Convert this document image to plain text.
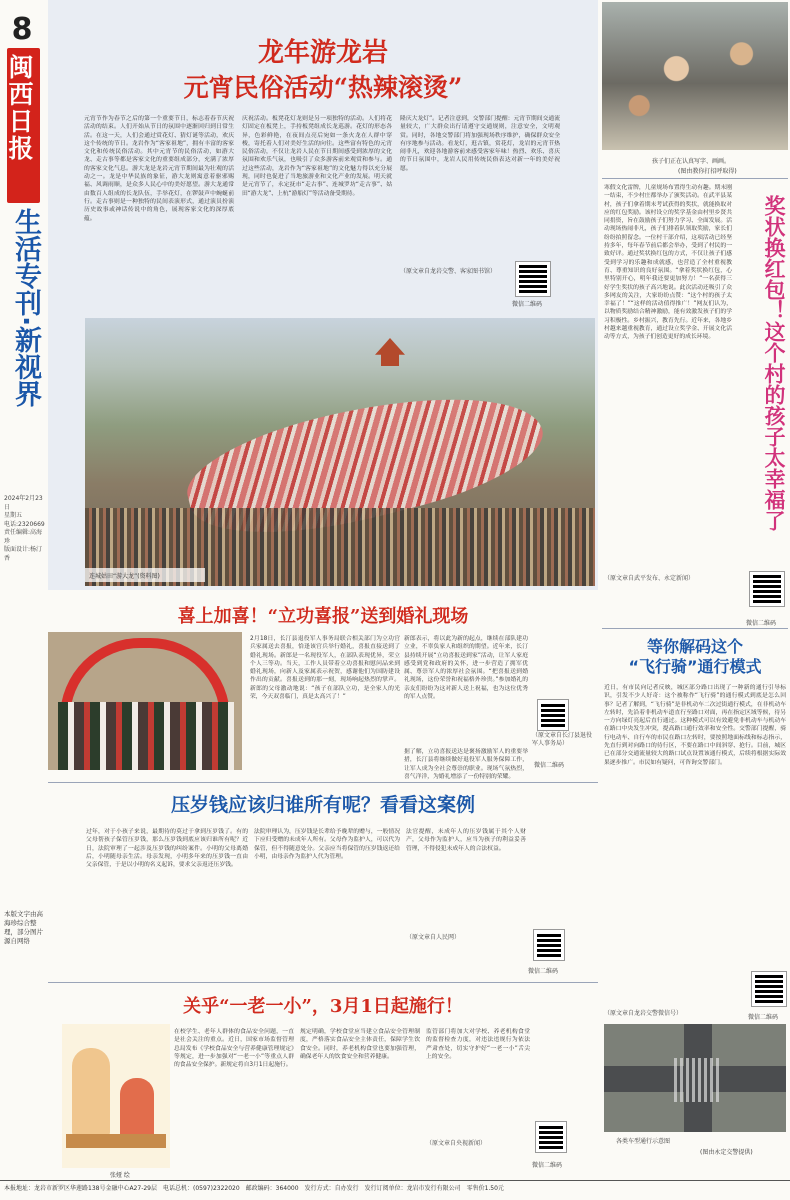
8
闽西日报
生活专刊·新视界
2024年2月23日
星期五
电话:2320669
责任编辑:高海珍
版面设计:杨汀香
本版文字由高海珍综合整理，部分图片源自网络
龙年游龙岩
元宵民俗活动“热辣滚烫”
元宵节作为春节之后的第一个重要节日，标志着春节庆祝活动的结束。人们开始从节日的氛围中逐渐回归到日常生活。在这一天，人们会通过赏花灯、猜灯谜等活动，欢庆这个传统的节日。龙岩作为“客家祖地”，拥有丰富的客家文化和传统民俗活动。其中元宵节的民俗活动，如游大龙、走古事等都是客家文化的重要组成部分，充满了浓厚的客家文化气息。游大龙是龙岩元宵节期间最为壮观的活动之一。龙是中华民族的象征，游大龙则寓意着驱邪赐福、风调雨顺，是众多人民心中的美好愿望。游大龙通常由数百人组成的长龙队伍，手举花灯，在锣鼓声中蜿蜒前行。走古事则是一种独特的民间表演形式，通过演员扮演历史故事或神话传说中的角色，展现客家文化的深厚底蕴。
庆祝活动。板凳花灯龙则是另一项独特的活动。人们将花灯固定在板凳上，手持板凳组成长龙巡游。花灯的形态各异，色彩鲜艳，在夜间点亮后宛如一条火龙在人群中穿梭，寄托着人们对美好生活的向往。这些富有特色的元宵民俗活动，不仅让龙岩人民在节日期间感受到浓厚的文化氛围和欢乐气氛，也吸引了众多游客前来观赏和参与。通过这些活动，龙岩作为“客家祖地”的文化魅力得以充分展现，同时也促进了当地旅游业和文化产业的发展。明天就是元宵节了，永定抚市“走古事”、连城罗坊“走古事”、姑田“游大龙”、上杭“游船灯”等活动备受期待。
隆庆大龙灯”。记者注意到，交警部门提醒：元宵节期间交通流量较大，广大群众出行请遵守交通规则，注意安全，文明观赏。同时，各地交警部门将加强现场秩序维护，确保群众安全有序地参与活动。看龙灯，逛古镇，赏花灯，龙岩的元宵节热闹非凡，欢迎各地游客前来感受客家年味！热烈、欢乐、喜庆的节日氛围中，龙岩人民用传统民俗表达对新一年的美好祝愿。
（原文章自龙岩交警、客家图书馆）
微信二维码
连城姑田“游大龙”(资料图)
孩子们正在认真写字、画画。
(图由教你打招呼取得)
寒假文化雷牌，儿童规场布置得生动有趣。期末刚一结束，不少村庄都举办了颁奖活动。在武平县某村，孩子们拿着期末考试获得的奖状，就能换取对应的红包奖励。该村设立的奖学基金由村里乡贤共同捐资，旨在鼓励孩子们努力学习、全面发展。活动现场热闹非凡，孩子们排着队领取奖励，家长们纷纷拍照留念。一位村干部介绍，这项活动已经坚持多年，每年春节前后都会举办，受到了村民的一致好评。通过奖状换红包的方式，不仅让孩子们感受到学习的乐趣和成就感，也营造了全村重视教育、尊重知识的良好氛围。“拿着奖状换红包，心里特别开心，明年我还要更加努力！”一名获得三好学生奖状的孩子高兴地说。此次活动还吸引了众多网友的关注，大家纷纷点赞：“这个村的孩子太幸福了！”“这样的活动值得推广！”网友们认为，以物质奖励结合精神激励，能有效激发孩子们的学习积极性。乡村振兴，教育先行。近年来，各地乡村越来越重视教育，通过设立奖学金、开展文化活动等方式，为孩子们创造更好的成长环境。
（原文章自武平发布、永定新闻）
奖状换红包！这个村的孩子太幸福了
微信二维码
喜上加喜！“立功喜报”送到婚礼现场
2月18日，长汀县退役军人事务局联合相关部门为立功官兵家属送去喜报，恰逢该官兵举行婚礼，喜报直接送到了婚礼现场。新郎是一名现役军人，在部队表现优异，荣立个人三等功。当天，工作人员带着立功喜报和慰问品来到婚礼现场，向新人及家属表示祝贺，感谢他们为国防建设作出的贡献。喜报送到的那一刻，现场响起热烈的掌声。新郎的父母激动地说：“孩子在部队立功，是全家人的光荣，今天双喜临门，真是太高兴了！”
新郎表示，将以此为新的起点，继续在部队建功立业，不辜负家人和组织的期望。近年来，长汀县持续开展“立功喜报送到家”活动，让军人家庭感受到党和政府的关怀，进一步营造了拥军优属、尊崇军人的浓厚社会氛围。“把喜报送到婚礼现场，这份荣誉和祝福格外珍贵。”参加婚礼的亲友们纷纷为这对新人送上祝福，也为这位优秀的军人点赞。
据了解，立功喜报送达是褒扬激励军人的重要举措，长汀县将继续做好退役军人服务保障工作，让军人成为全社会尊崇的职业。现场气氛热烈，喜气洋洋，为婚礼增添了一份特别的荣耀。
（原文章自长汀县退役军人事务局）
微信二维码
等你解码这个
“飞行骑”通行模式
近日，有市民向记者反映，城区部分路口出现了一种新的通行引导标识，引发不少人好奇：这个被称作“飞行骑”的通行模式到底是怎么回事？记者了解到，“飞行骑”是非机动车二次过街通行模式，在非机动车左转时，先沿着非机动车道直行至路口对面，再在指定区域等候，待另一方向绿灯亮起后直行通过。这种模式可以有效避免非机动车与机动车在路口中央发生冲突，提高路口通行效率和安全性。交警部门提醒，骑行电动车、自行车的市民在路口左转时，要按照地面标线和标志指示，先直行到对向路口的待行区，不要在路口中间斜穿、抢行。目前，城区已在部分交通流量较大的路口试点设置该通行模式，后续将根据实际效果逐步推广。市民如有疑问，可咨询交警部门。
（原文章自龙岩交警微信号）
微信二维码
各类车型通行示意图
(图由永定交警提供)
压岁钱应该归谁所有呢？看看这案例
过年，对于小孩子来说，最期待的莫过于拿到压岁钱了。有的父母帮孩子保管压岁钱，那么压岁钱到底应该归谁所有呢？近日，法院审理了一起涉及压岁钱的纠纷案件。小明的父母离婚后，小明随母亲生活。母亲发现，小明多年来的压岁钱一直由父亲保管，于是以小明的名义起诉，要求父亲返还压岁钱。
法院审理认为，压岁钱是长辈给予晚辈的赠与，一般情况下应归受赠的未成年人所有。父母作为监护人，可以代为保管，但不得随意处分。父亲应当将保管的压岁钱返还给小明，由母亲作为监护人代为管理。
法官提醒，未成年人的压岁钱属于其个人财产，父母作为监护人，应当为孩子的利益妥善管理，不得侵犯未成年人的合法权益。
（原文章自人民网）
微信二维码
关乎“一老一小”，3月1日起施行！
张娅 绘
在校学生、老年人群体的食品安全问题，一直是社会关注的重点。近日，国家市场监督管理总局发布《学校食品安全与营养健康管理规定》等规定，进一步加强对“一老一小”等重点人群的食品安全保护。新规定将自3月1日起施行。
规定明确，学校食堂应当建立食品安全管理制度，严格落实食品安全主体责任，保障学生饮食安全。同时，养老机构食堂也要加强管理，确保老年人的饮食安全和营养健康。
监管部门将加大对学校、养老机构食堂的监督检查力度，对违法违规行为依法严肃查处，切实守护好“一老一小”舌尖上的安全。
（原文章自央视新闻）
微信二维码
本报地址：龙岩市新罗区华莲路138号金融中心A27-29层　电话总机：(0597)2322020　邮政编码：364000　发行方式：自办发行　发行订阅单位：龙岩市发行有限公司　零售价1.50元
